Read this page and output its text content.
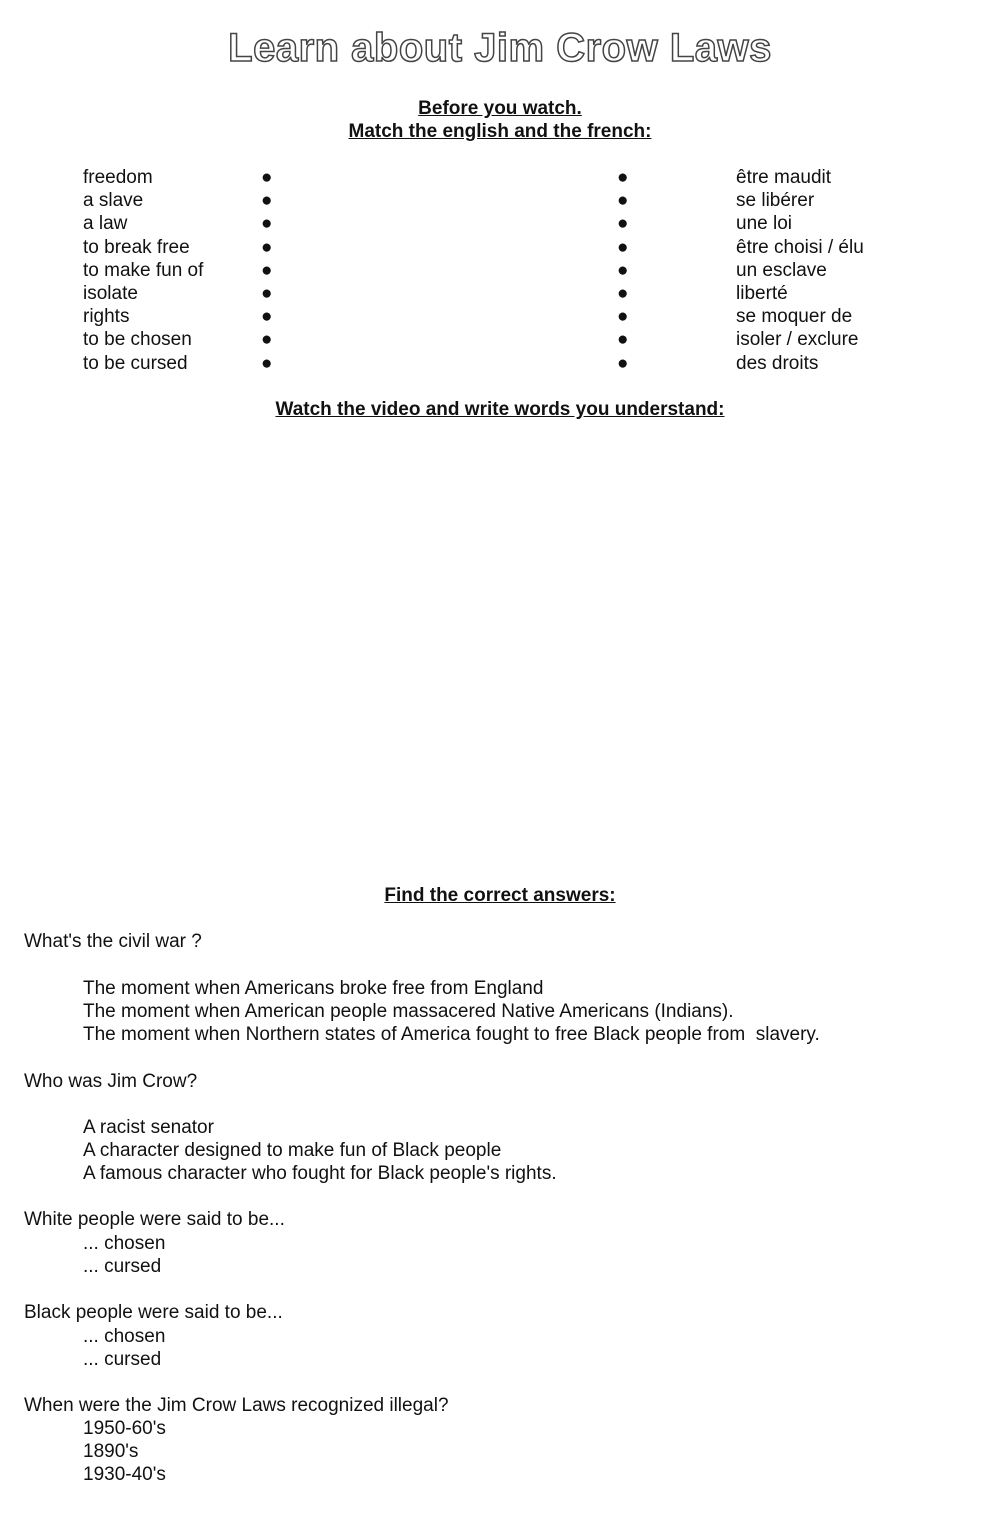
Learn about Jim Crow Laws
Before you watch.
Match the english and the french:
freedom	●	●	être maudit
a slave	●	●	se libérer
a law	●	●	une loi
to break free	●	●	être choisi / élu
to make fun of	●	●	un esclave
isolate	●	●	liberté
rights	●	●	se moquer de
to be chosen	●	●	isoler / exclure
to be cursed	●	●	des droits
Watch the video and write words you understand:
Find the correct answers:
What's the civil war ?
The moment when Americans broke free from England
The moment when American people massacered Native Americans (Indians).
The moment when Northern states of America fought to free Black people from  slavery.
Who was Jim Crow?
A racist senator
A character designed to make fun of Black people
A famous character who fought for Black people's rights.
White people were said to be...
... chosen
... cursed
Black people were said to be...
... chosen
... cursed
When were the Jim Crow Laws recognized illegal?
1950-60's
1890's
1930-40's
